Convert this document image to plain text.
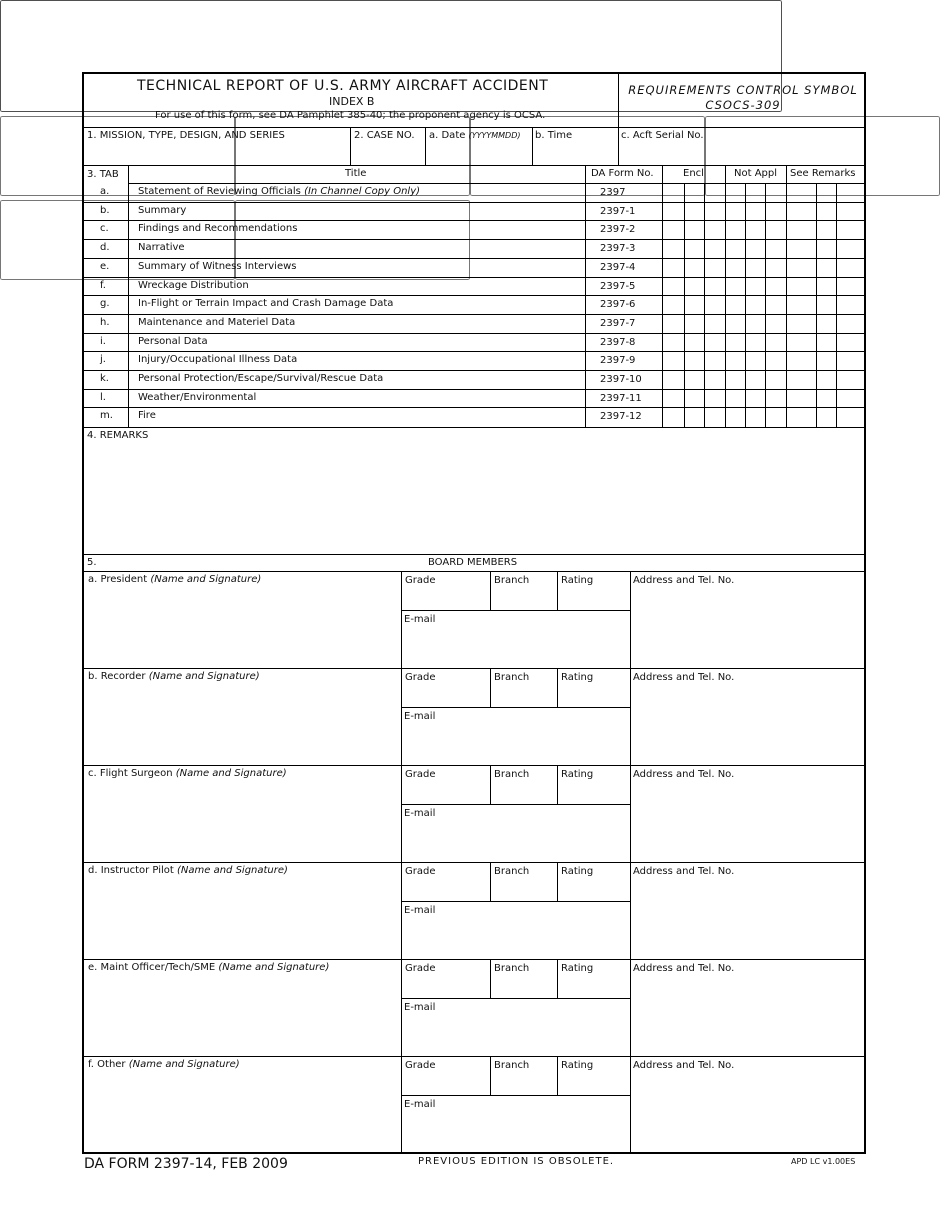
TECHNICAL REPORT OF U.S. ARMY AIRCRAFT ACCIDENT
INDEX B
For use of this form, see DA Pamphlet 385-40; the proponent agency is OCSA.
REQUIREMENTS CONTROL SYMBOL
CSOCS-309
1. MISSION, TYPE, DESIGN, AND SERIES	2. CASE NO. a. Date (YYYYMMDD) b. Time	c. Acft Serial No.
3. TAB	Title	DA Form No.	Encl	Not Appl See Remarks
a.	Statement of Reviewing Officials (In Channel Copy Only)	2397
b.	Summary	2397-1
c.	Findings and Recommendations	2397-2
d.	Narrative	2397-3
e.	Summary of Witness Interviews	2397-4
f.	Wreckage Distribution	2397-5
g.	In-Flight or Terrain Impact and Crash Damage Data	2397-6
h.	Maintenance and Materiel Data	2397-7
i.	Personal Data	2397-8
j.	Injury/Occupational Illness Data	2397-9
k.	Personal Protection/Escape/Survival/Rescue Data	2397-10
l.	Weather/Environmental	2397-11
m.	Fire	2397-12
4. REMARKS
5.	BOARD MEMBERS
a. President (Name and Signature)	Grade	Branch	Rating
E-mail
Address and Tel. No.
b. Recorder (Name and Signature)	Grade	Branch	Rating
E-mail
Address and Tel. No.
c. Flight Surgeon (Name and Signature)	Grade	Branch	Rating
E-mail
Address and Tel. No.
d. Instructor Pilot (Name and Signature)	Grade	Branch	Rating
E-mail
Address and Tel. No.
e. Maint Officer/Tech/SME (Name and Signature)	Grade	Branch	Rating
E-mail
Address and Tel. No.
f. Other (Name and Signature)	Grade	Branch	Rating
E-mail
Address and Tel. No.
DA FORM 2397-14, FEB 2009	PREVIOUS EDITION IS OBSOLETE.	APD LC v1.00ES
